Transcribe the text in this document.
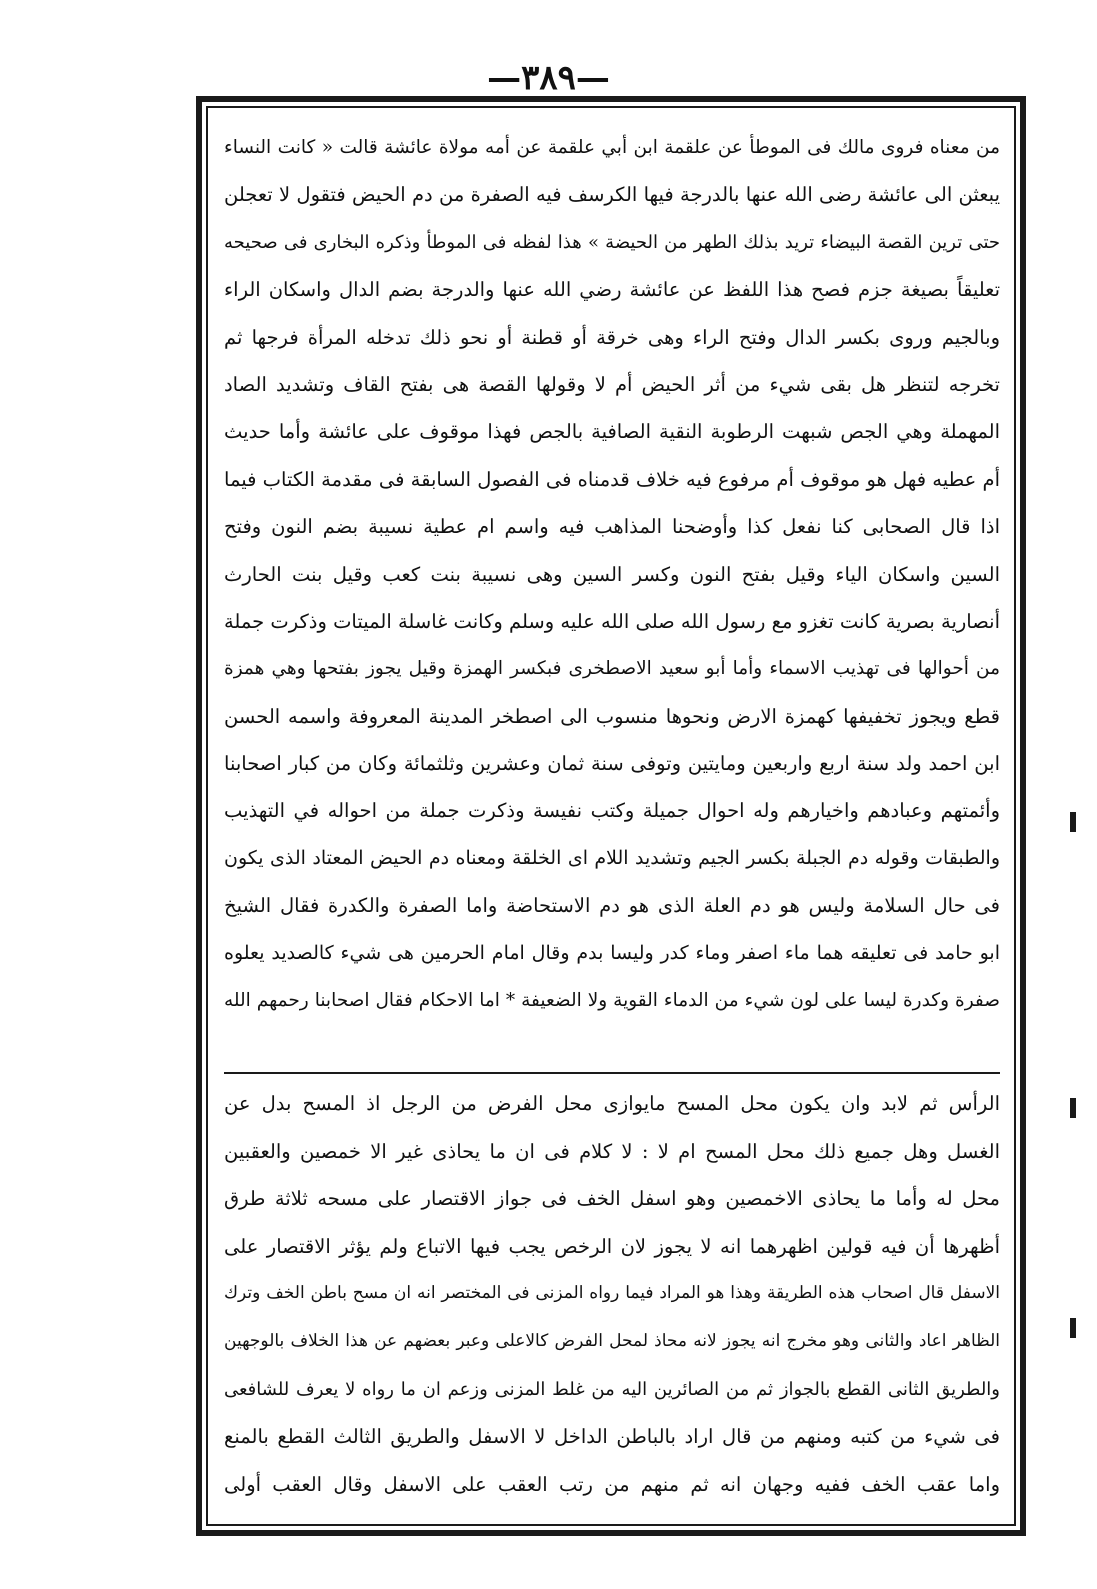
—٣٨٩—
من معناه فروى مالك فى الموطأ عن علقمة ابن أبي علقمة عن أمه مولاة عائشة قالت « كانت النساء
يبعثن الى عائشة رضى الله عنها بالدرجة فيها الكرسف فيه الصفرة من دم الحيض فتقول لا تعجلن
حتى ترين القصة البيضاء تريد بذلك الطهر من الحيضة » هذا لفظه فى الموطأ وذكره البخارى فى صحيحه
تعليقاً بصيغة جزم فصح هذا اللفظ عن عائشة رضي الله عنها والدرجة بضم الدال واسكان الراء
وبالجيم وروى بكسر الدال وفتح الراء وهى خرقة أو قطنة أو نحو ذلك تدخله المرأة فرجها ثم
تخرجه لتنظر هل بقى شيء من أثر الحيض أم لا وقولها القصة هى بفتح القاف وتشديد الصاد
المهملة وهي الجص شبهت الرطوبة النقية الصافية بالجص فهذا موقوف على عائشة وأما حديث
أم عطيه فهل هو موقوف أم مرفوع فيه خلاف قدمناه فى الفصول السابقة فى مقدمة الكتاب فيما
اذا قال الصحابى كنا نفعل كذا وأوضحنا المذاهب فيه واسم ام عطية نسيبة بضم النون وفتح
السين واسكان الياء وقيل بفتح النون وكسر السين وهى نسيبة بنت كعب وقيل بنت الحارث
أنصارية بصرية كانت تغزو مع رسول الله صلى الله عليه وسلم وكانت غاسلة الميتات وذكرت جملة
من أحوالها فى تهذيب الاسماء وأما أبو سعيد الاصطخرى فبكسر الهمزة وقيل يجوز بفتحها وهي همزة
قطع ويجوز تخفيفها كهمزة الارض ونحوها منسوب الى اصطخر المدينة المعروفة واسمه الحسن
ابن احمد ولد سنة اربع واربعين ومايتين وتوفى سنة ثمان وعشرين وثلثمائة وكان من كبار اصحابنا
وأئمتهم وعبادهم واخيارهم وله احوال جميلة وكتب نفيسة وذكرت جملة من احواله في التهذيب
والطبقات وقوله دم الجبلة بكسر الجيم وتشديد اللام اى الخلقة ومعناه دم الحيض المعتاد الذى يكون
فى حال السلامة وليس هو دم العلة الذى هو دم الاستحاضة واما الصفرة والكدرة فقال الشيخ
ابو حامد فى تعليقه هما ماء اصفر وماء كدر وليسا بدم وقال امام الحرمين هى شيء كالصديد يعلوه
صفرة وكدرة ليسا على لون شيء من الدماء القوية ولا الضعيفة * اما الاحكام فقال اصحابنا رحمهم الله
الرأس ثم لابد وان يكون محل المسح مايوازى محل الفرض من الرجل اذ المسح بدل عن
الغسل وهل جميع ذلك محل المسح ام لا : لا كلام فى ان ما يحاذى غير الا خمصين والعقبين
محل له وأما ما يحاذى الاخمصين وهو اسفل الخف فى جواز الاقتصار على مسحه ثلاثة طرق
أظهرها أن فيه قولين اظهرهما انه لا يجوز لان الرخص يجب فيها الاتباع ولم يؤثر الاقتصار على
الاسفل قال اصحاب هذه الطريقة وهذا هو المراد فيما رواه المزنى فى المختصر انه ان مسح باطن الخف وترك
الظاهر اعاد والثانى وهو مخرج انه يجوز لانه محاذ لمحل الفرض كالاعلى وعبر بعضهم عن هذا الخلاف بالوجهين
والطريق الثانى القطع بالجواز ثم من الصائرين اليه من غلط المزنى وزعم ان ما رواه لا يعرف للشافعى
فى شيء من كتبه ومنهم من قال اراد بالباطن الداخل لا الاسفل والطريق الثالث القطع بالمنع
واما عقب الخف ففيه وجهان انه ثم منهم من رتب العقب على الاسفل وقال العقب أولى
